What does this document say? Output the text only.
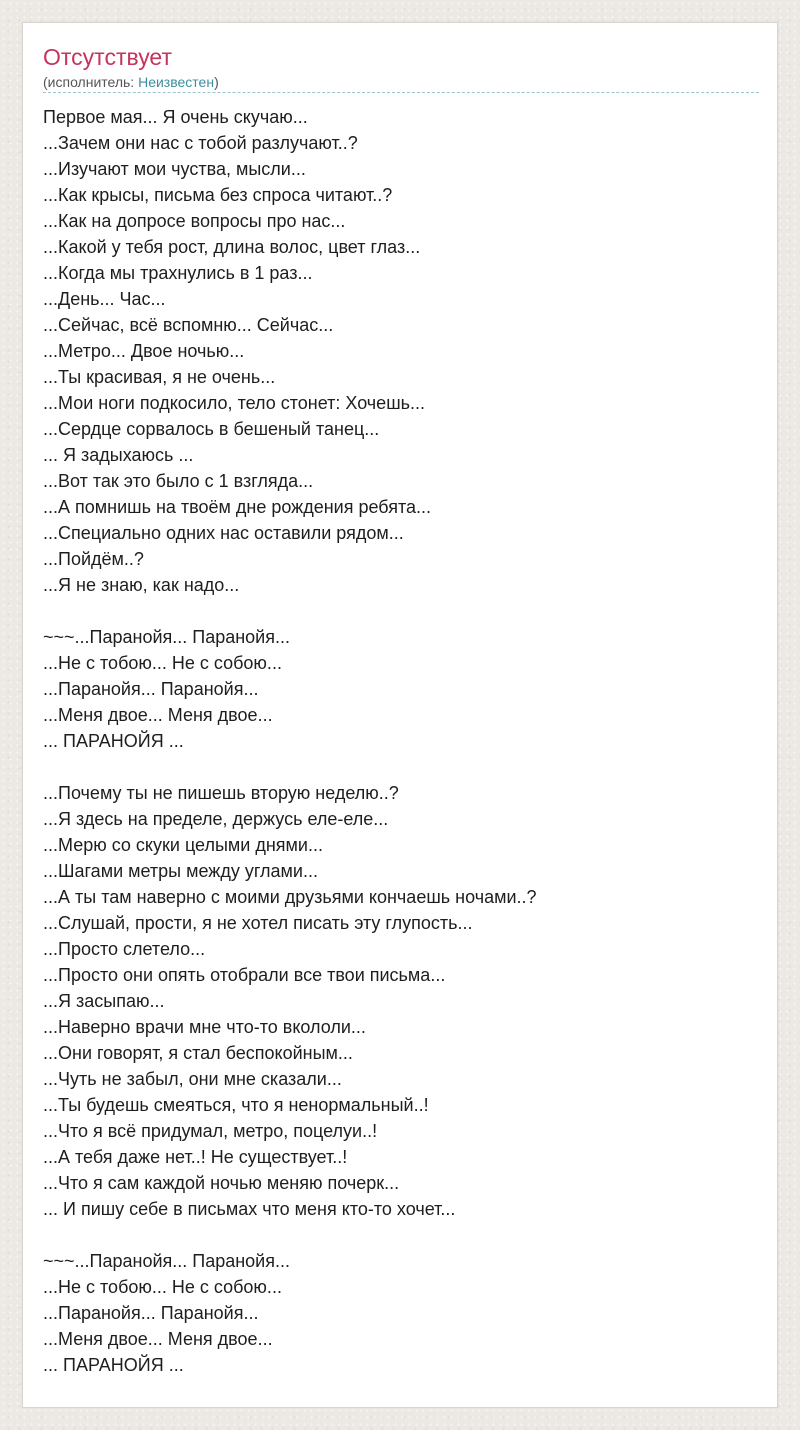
Отсутствует
(исполнитель: Неизвестен)
Первое мая... Я очень скучаю...
...Зачем они нас с тобой разлучают..?
...Изучают мои чуства, мысли...
...Как крысы, письма без спроса читают..?
...Как на допросе вопросы про нас...
...Какой у тебя рост, длина волос, цвет глаз...
...Когда мы трахнулись в 1 раз...
...День... Час...
...Сейчас, всё вспомню... Сейчас...
...Метро... Двое ночью...
...Ты красивая, я не очень...
...Мои ноги подкосило, тело стонет: Хочешь...
...Сердце сорвалось в бешеный танец...
... Я задыхаюсь ...
...Вот так это было с 1 взгляда...
...А помнишь на твоём дне рождения ребята...
...Специально одних нас оставили рядом...
...Пойдём..?
...Я не знаю, как надо...
~~~...Паранойя... Паранойя...
...Не с тобою... Не с собою...
...Паранойя... Паранойя...
...Меня двое... Меня двое...
... ПАРАНОЙЯ ...
...Почему ты не пишешь вторую неделю..?
...Я здесь на пределе, держусь еле-еле...
...Мерю со скуки целыми днями...
...Шагами метры между углами...
...А ты там наверно с моими друзьями кончаешь ночами..?
...Слушай, прости, я не хотел писать эту глупость...
...Просто слетело...
...Просто они опять отобрали все твои письма...
...Я засыпаю...
...Наверно врачи мне что-то вкололи...
...Они говорят, я стал беспокойным...
...Чуть не забыл, они мне сказали...
...Ты будешь смеяться, что я ненормальный..!
...Что я всё придумал, метро, поцелуи..!
...А тебя даже нет..! Не существует..!
...Что я сам каждой ночью меняю почерк...
... И пишу себе в письмах что меня кто-то хочет...
~~~...Паранойя... Паранойя...
...Не с тобою... Не с собою...
...Паранойя... Паранойя...
...Меня двое... Меня двое...
... ПАРАНОЙЯ ...
